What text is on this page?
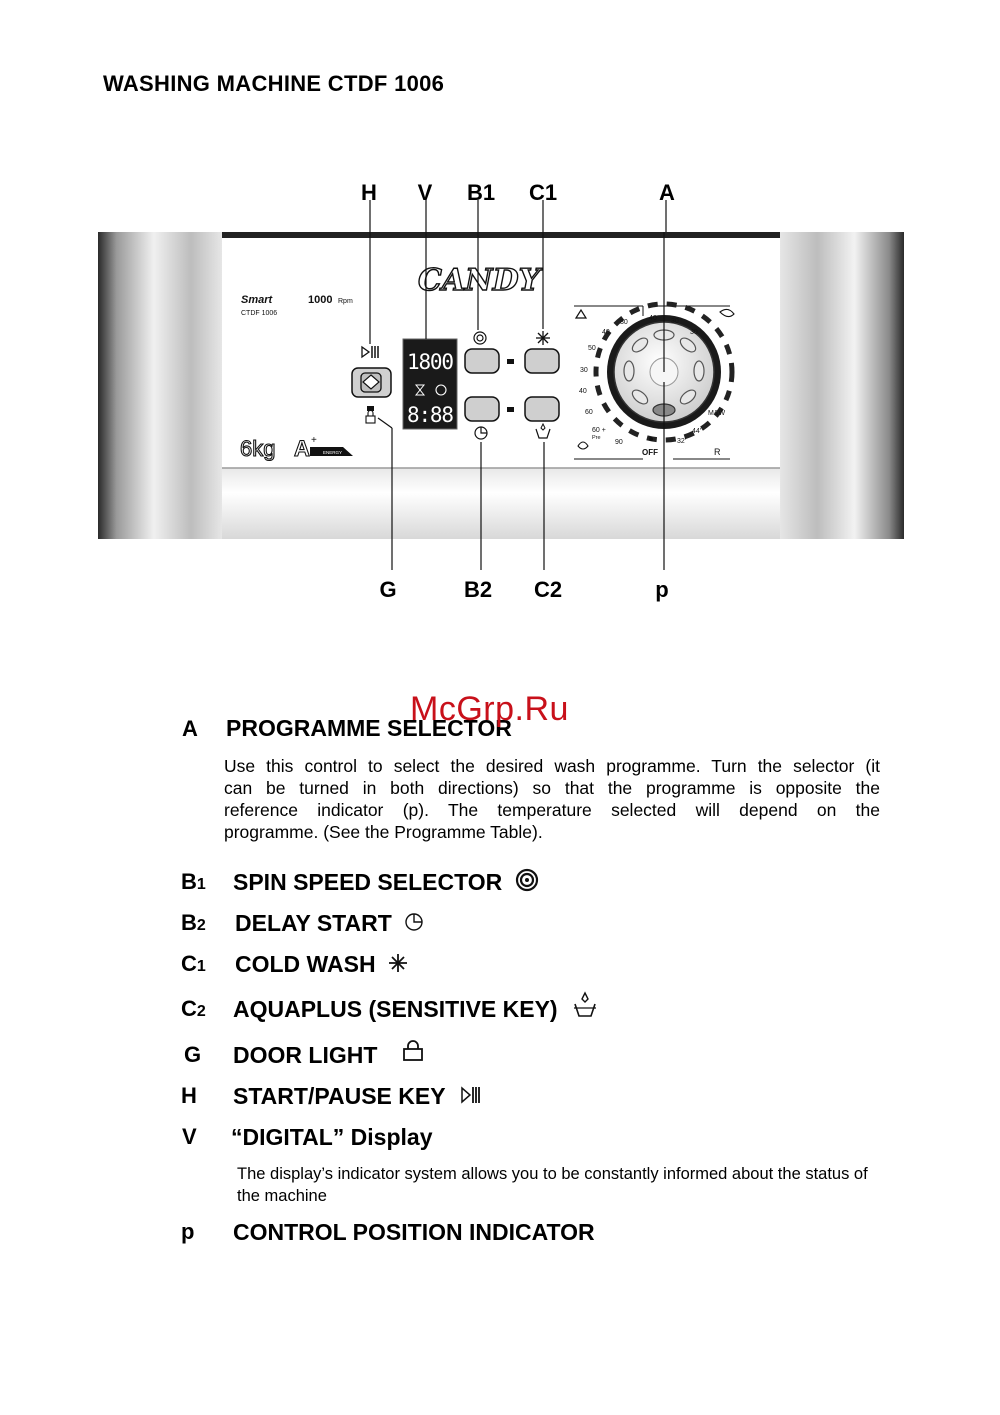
WASHING MACHINE CTDF 1006
H	V	B1 C1	A
CANDY
Smart	1000 Rpm
CTDF 1006
6kg A +
ENERGY
1800
8:88
OFF
30
40
50
30
40
60
60 +
Pre
90
40 30
30
M&W
44'
32'
R
G	B2 C2	p
A PROGRAMME SELECTOR
McGrp.Ru
Use this control to select the desired wash programme. Turn the selector (it
can be turned in both directions) so that the programme is opposite the
reference indicator (p). The temperature selected will depend on the
programme. (See the Programme Table).
B1 SPIN SPEED SELECTOR
B2 DELAY START
C1 COLD WASH
C2 AQUAPLUS (SENSITIVE KEY)
G DOOR LIGHT
H START/PAUSE KEY
V “DIGITAL” Display
The display’s indicator system allows you to be constantly informed about the status of
the machine
p CONTROL POSITION INDICATOR
